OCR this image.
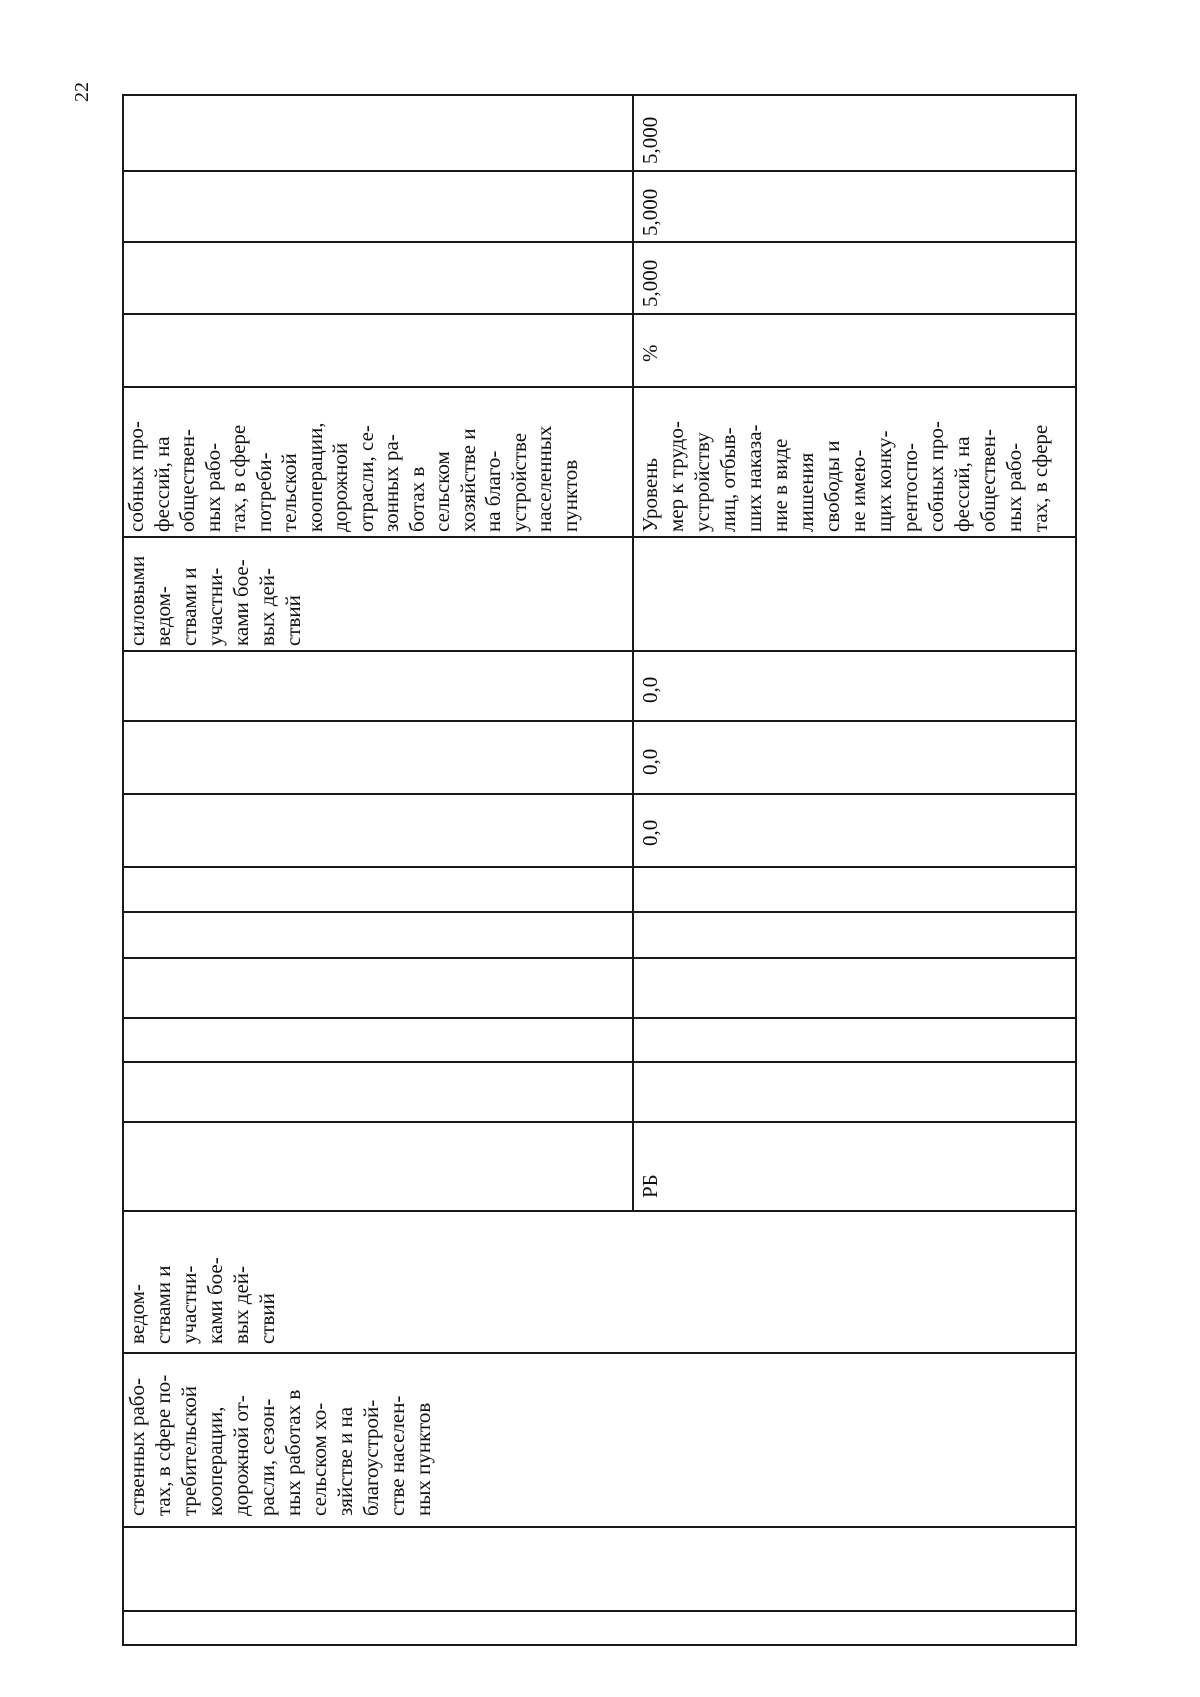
22
ственных рабо-
тах, в сфере по-
требительской
кооперации,
дорожной от-
расли, сезон-
ных работах в
сельском хо-
зяйстве и на
благоустрой-
стве населен-
ных пунктов
ведом-
ствами и
участни-
ками бое-
вых дей-
ствий
РБ
0,0
0,0
0,0
силовыми
ведом-
ствами и
участни-
ками бое-
вых дей-
ствий
собных про-
фессий, на
обществен-
ных рабо-
тах, в сфере
потреби-
тельской
кооперации,
дорожной
отрасли, се-
зонных ра-
ботах в
сельском
хозяйстве и
на благо-
устройстве
населенных
пунктов	Уровень
мер к трудо-
устройству
лиц, отбыв-
ших наказа-
ние в виде
лишения
свободы и
не имею-
щих конку-
рентоспо-
собных про-
фессий, на
обществен-
ных рабо-
тах, в сфере
%
5,000
5,000
5,000
